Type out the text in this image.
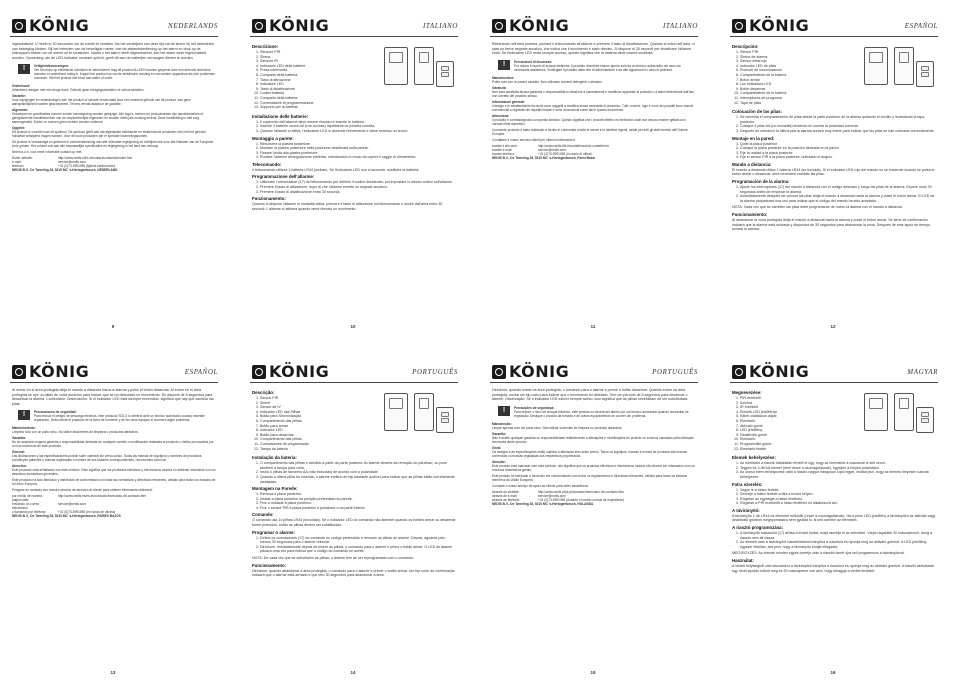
KÖNIG	NEDERLANDS

ingeschakeld. U heeft nu 30 seconden om de ruimte te verlaten. Na het verstrijken van deze tijd zal de sirene bij het detecteren van beweging klinken. Bij het betreden van de beveiligde ruimte, met de afstandsbediening op het alarm en druk op de uitknoppen beiden om de sirene uit te schakelen. Nadat u het alarm heeft uitgeschakeld, kan het alarm weer ingeschakeld worden. Opmerking: als de LED-indicator constant oplicht, geeft dit aan de batterijen vervangen dienen te worden.

!
Veiligheidsvoorzorgen:
Om het risico op elektrische schokken te verminderen mag dit product ALLEEN worden geopend door een erkende technicus wanneer er onderhoud nodig is. Koppel het product los van de elektrische voeding en van andere apparatuur als zich problemen voordoen. Stel het product niet bloot aan water of vocht.
Onderhoud:

Uitsluitend reinigen met een droge doek. Gebruik geen reinigingsmiddelen of schuurmiddelen.

Garantie:

Voor wijzigingen en veranderingen aan het product of schade veroorzaakt door een verkeerd gebruik van dit product, kan geen aansprakelijkheid worden geaccepteerd. Tevens vervalt daardoor de garantie.

Algemeen:

Ontwerpen en specificaties kunnen zonder kennisgeving worden gewijzigd. Alle logo's, merken en productnamen zijn handelsmerken of geregistreerde handelsmerken van de respectievelijke eigenaren en worden hierbij als zodanig erkend. Deze handleiding is met zorg samengesteld. Echter, er kunnen geen rechten worden ontleend.

Opgelet:

Dit product is voorzien van dit symbool. Dit symbool geeft aan dat afgedankte elektrische en elektronische producten niet met het gewone huisafval verwijderd mogen worden. Voor dit soort producten zijn er speciale inzamelingspunten.

Dit product is vervaardigd en geleverd in overeenstemming met alle relevante regelgeving en richtlijnen die voor alle lidstaten van de Europese Unie gelden. Het voldoet ook aan alle toepasselijke specificaties en regelgeving in het land van verkoop.

Neem a.u.b. voor meer informatie contact op met:

Dutch website:	http://www.nedis.nl/nl-nl/contact/contactformulier.htm
e-mail:	service@nedis.com
telefoon:	+31 (0)73-5991055 (tijdens kantooruren)
NEDIS B.V., De Tweeling 28, 5215 MC 's-Hertogenbosch, NEDERLAND
9
KÖNIG	ITALIANO
Descrizione:
1. Sensore PIR
2. Sirena
3. Sensore IR
4. Indicatore LED delle batterie
5. Presa intermedia
6. Comparto della batteria
7. Tasto di attivazione
8. Indicatore LED
9. Tasto di disattivazione
10. Codice batteria
11. Comparto della batteria
12. Commutatore di programmazione
13. Supporto per la batteria
Installazione delle batterie:
1. Il coperchio dell'allarme deve essere rimosso e inserite le batterie.
2. Inserire 4 batterie nuove AA (non incluse) rispettando la polarità corretta.
3. Quando l'allarme si attiva, l'indicatore LED si accende brevemente e viene emesso un suono.
Montaggio a parete:
1. Rimuovere la piastra posteriore.
2. Montare la piastra posteriore nella posizione desiderata sulla parete.
3. Fissare l'unità alla piastra posteriore.
4. Ruotare l'allarme all'angolazione preferita, orientandolo in modo da coprire il raggio di rilevamento.
Telecomando:

Il telecomando utilizza 1 batteria LR44 (incluse). Se l'indicatore LED non si accende, sostituire la batteria.

Programmazione dell'allarme:
1. Utilizzare i commutatori (17) del telecomando per definire il codice desiderato; poi impostare lo stesso codice sull'allarme.
2. Premere il tasto di attivazione, dopo di che l'allarme emette un segnale acustico.
3. Premere il tasto di disattivazione entro 30 secondi.
Funzionamento:

Quando si dispone l'allarme in modalità attiva, premere il tasto di attivazione sul telecomando e uscire dall'area entro 30 secondi. L'allarme si attiverà quando verrà rilevato un movimento.

10
KÖNIG	ITALIANO

Rientrando nell'area protetta, puntare il telecomando all'allarme e premere il tasto di disattivazione. Quando si entra nell'area, vi sarà un breve segnale acustico, che indica che il movimento è stato rilevato. Si dispone di 30 secondi per disattivare l'allarme. Nota: Se l'indicatore LED resta sempre acceso, questo significa che la batteria deve essere sostituita.

!
Precauzioni di sicurezza:
Per ridurre il rischio di scosse elettriche, il prodotto dovrebbe essere aperto solo da un tecnico autorizzato nel caso sia necessaria assistenza. Scollegare il prodotto dalla rete di alimentazione e da altri apparecchi in caso di problemi.
Manutenzione:

Pulire solo con un panno asciutto. Non utilizzare solventi detergenti o abrasivi.

Garanzia:

Non sarà accettata alcuna garanzia o responsabilità in relazione a cambiamenti e modifiche apportate al prodotto o a danni determinati dall'uso non corretto del prodotto stesso.

Informazioni generali:

Il design e le caratteristiche tecniche sono soggetti a modifica senza necessità di preavviso. Tutti i marchi, logo e nomi dei prodotti sono marchi commerciali o registrati dei rispettivi titolari e sono riconosciuti come tali in questo documento.

Attenzione:

Il prodotto è contrassegnato con questo simbolo. Questo significa che i prodotti elettrici ed elettronici usati non devono essere gettati con i normali rifiuti domestici.

Il presente prodotto è stato realizzato e fornito in conformità a tutte le norme e le direttive vigenti, valide per tutti gli stati membri dell'Unione Europea.

Contattare il nostro servizio clienti per ulteriori informazioni:

tramite il sito web:	http://www.nedis.it/it-it/contatti/modulo-contatti.htm
tramite e-mail:	service@nedis.com
tramite telefono:	+31 (0)73-5991055 (in orario di ufficio)
NEDIS B.V., De Tweeling 28, 5215 MC 's-Hertogenbosch, Paesi Bassi
11
KÖNIG	ESPAÑOL
Descripción:
1. Sensor PIR
2. Sirena de alarma
3. Sensor infrarrojo
4. Indicador LED de pilas
5. Enchufe de sincronización
6. Compartimiento de la batería
7. Botón armar
8. Luz indicadora LED
9. Botón desarmar
10. Compartimiento de la batería
11. Interruptores de programa
12. Tapa de pilas
Colocación de las pilas:
1. Se necesita el compartimiento de pilas desde la parte posterior de la alarma quitando el tornillo y levantando la tapa posterior.
2. Coloque 4 pilas AA (no incluidas) teniendo en cuenta la polaridad correcta.
3. Después de introducir la última pila la alarma sonará muy fuerte para indicar que las pilas se han colocado correctamente.
Montaje en la pared:
1. Quite la placa posterior.
2. Coloque la placa posterior en la posición deseada en la pared.
3. Fije la unidad a la placa posterior.
4. Fije el sensor PIR a la placa posterior, orientado el ángulo.
Mando a distancia:

El mando a distancia utiliza 1 batería LR44 (se incluida). Si el indicador LED rojo del mando no se enciende cuando se pulsa el botón armar o desarmar, será necesario cambiar las pilas.

Programación de la alarma:
1. Ajuste los interruptores (17) del mando a distancia con el código deseado y luego las pilas de la alarma. Espere unos 30 segundos antes de empezar la alarma.
2. Inmediatamente después de colocar las pilas dirija el mando a distancia hacia la alarma y pulse el botón armar. El LED de la alarma parpadeará una vez para indicar que el código del mando ha sido aceptado.

NOTA: Cada vez que se cambien las pilas debe programarse de nuevo la alarma con el mando a distancia.

Funcionamiento:

Al abandonar la zona protegida dirija el mando a distancia hacia la alarma y pulse el botón armar. Se tiene de confirmación indicará que la alarma está activada y dispondrá de 30 segundos para abandonar la zona. Después de este lapso de tiempo sonará la alarma.

12
KÖNIG	ESPAÑOL

Al entrar en el área protegida dirija el mando a distancia hacia la alarma y pulse el botón desarmar. Al entrar en el área protegida se oye un pitido de corta duración para indicar que se ha detectado un movimiento. Se dispone de 8 segundos para desactivar la alarma. Comentario: Observación: Si el indicador LED está siempre encendido, significa que hay que cambiar las pilas.

!
Precauciones de seguridad:
Para reducir el peligro de descarga eléctrica, este producto SÓLO lo debería abrir un técnico autorizado cuando necesite reparación. Desconecte el producto de la toma de corriente y de los otros equipos si ocurriera algún problema.
Mantenimiento:

Límpielo sólo con un paño seco. No utilice disolventes de limpieza o productos abrasivos.

Garantía:

No se aceptará ninguna garantía o responsabilidad derivada de cualquier cambio o modificación realizada al producto o daños provocados por un uso incorrecto de este producto.

General:

Las ilustraciones y las especificaciones podrán sufrir cambios sin previo aviso. Todas las marcas de logotipos y nombres de productos constituyen patentes o marcas registradas a nombre de sus titulares correspondientes, reconocidos como tal.

Atención:

Este producto está señalizado con este símbolo. Esto significa que los productos eléctricos y electrónicos usados no deberán mezclarse con los desechos domésticos generales.

Este producto ha sido fabricado y distribuido de conformidad con todas las normativas y directivas relevantes, válidas para todos los estados de la Unión Europea.

Póngase en contacto con nuestro servicio de atención al cliente para obtener información adicional:

por medio de nuestra página web:
http://www.nedis.es/es-es/contacto/formulario-de-contacto.htm
enviando un correo electrónico:
service@nedis.com
o llamando por teléfono:	+31 (0)73-5991055 (en horas de oficina)
NEDIS B.V., De Tweeling 28, 5215 MC 's-Hertogenbosch, PAÍSES BAJOS
13
KÖNIG	PORTUGUÊS
Descrição:
1. Sensor PIR
2. Sirene
3. Sensor de IV
4. Indicador LED das Pilhas
5. Botão para Sincronização
6. Compartimento das pilhas
7. Botão para armar
8. Indicador LED
9. Botão para desarmar
10. Compartimento das pilhas
11. Comutadores de programação
12. Tampa da bateria
Instalação da bateria:
1. O compartimento das pilhas é acedido a partir da parte posterior do alarme através da remoção do parafuso, ou puxe também a tampa para cima.
2. Insira 4 pilhas de tamanho AA (não incluídas) de acordo com a polaridade.
3. Quando a última pilha for inserida, o alarme emitirá um bip bastante audível para indicar que as pilhas estão corretamente instaladas.
Montagem na Parede:
1. Remova a placa posterior.
2. Instale a placa posterior na posição pretendida na parede.
3. Fixe a unidade à placa posterior.
4. Fixe o sensor PIR à placa posterior e posicione-o na parte inferior.
Comando:

O comando usa 1x pilhas LR44 (incluídas). Se o indicador LED do comando não acender quando os botões armar ou desarmar forem premidos, então as pilhas devem ser substituídas.

Programar o alarme:
1. Defina os comutadores (17) do comando no código pretendido e remover as pilhas do alarme. Depois, aguarde pelo menos 30 segundos para o alarme reiniciar.
2. Direcione, imediatamente depois de inserir as pilhas, o comando para o alarme e prima o botão armar. O LED do alarme piscará uma vez para indicar que o código do comando foi aceite.

NOTA: De cada vez que se substituem as pilhas, o alarme tem de ser reprogramado com o comando.

Funcionamento:

Direcione, quando abandonar a área protegida, o comando para o alarme e premir o botão armar. Um bip curto de confirmação indicará que o alarme está armado e que tem 30 segundos para abandonar a área.

14
KÖNIG	PORTUGUÊS

Direcione, quando entrar na área protegida, o comando para o alarme e premir o botão desarmar. Quando entrar na área protegida, ouvirá um bip curto para indicar que o movimento foi detetado. Tem um período de 8 segundos para desarmar o alarme. Observação: Se o indicador LED estiver sempre aceso, isso significa que as pilhas necessitam de ser substituídas.

!
Precauções de segurança:
Para reduzir o risco de choque eléctrico, este produto só deverá ser aberto por um técnico autorizado quando necessitar de reparação. Desligue o produto da tomada e de outros equipamentos se ocorrer um problema.
Manutenção:

Limpar apenas com um pano seco. Não utilizar solventes de limpeza ou produtos abrasivos.

Garantia:

Não é aceite qualquer garantia ou responsabilidade relativamente a alterações e modificações do produto ou a danos causados pela utilização incorrecta deste produto.

Geral:

Os designs e as especificações estão sujeitos a alteração sem aviso prévio. Todos os logótipos, marcas e nomes de produtos são marcas comerciais ou marcas registadas dos respectivos proprietários.

Atenção:

Este produto está marcado com este símbolo. Isto significa que os produtos eléctricos e electrónicos usados não devem ser misturados com os resíduos domésticos gerais.

Este produto foi fabricado e fornecido em conformidade com todos os regulamentos e directivas relevantes, válidos para todos os estados membros da União Europeia.

Contacte o nosso serviço de apoio ao cliente para obter assistência:

através do website:	http://www.nedis.pt/pt-pt/contacto/formulario-de-contacto.htm
através de e-mail:	service@nedis.com
através de telefone:	+31 (0)73-5991055 (durante o horário normal de expediente)
NEDIS B.V., De Tweeling 28, 5215 MC 's-Hertogenbosch, HOLANDA
15
KÖNIG	MAGYAR
Megnevezése:
1. PIR-érzékelő
2. Sziréna
3. IR érzékelő
4. Elemek LED jelzőfénye
5. Kábel csatlakozó aljzat
6. Elemtartó
7. Aktiváló gomb
8. LED jelzőfény
9. Deaktiváló gomb
10. Elemtartó
11. Programváltó gomb
12. Elemtartó fedele
Elemek behelyezése:
1. Az elemtartó a riasztó hátoldalán érhető el úgy, hogy az elemtartót a csavarnál le kell venni.
2. Tegyen be 4 db AA elemet (nem része a csomagolásnak), ügyeljen a helyes polaritásra.
3. Az utolsó elem behelyezése után a riasztó nagyot hangosan sípol egyet, miáltal jelzi, hogy az elemek helyesen vannak behelyezve.
Falra szerelés:
1. Vegye le a hátsó fedelet.
2. Szerelje a hátsó fedelet a fala a kívánt helyen.
3. Rögzítse az egységet a hátsó fedélhez.
4. Rögzítse a PIR érzékelőt a hátsó fedélhez és alkalmazza azt.
A távirányító:

A távirányító 1 db LR44-es elemmel működik (része a csomagolásnak). Ha a piros LED-jelzőfény a távirányítón az aktiváló vagy deaktiváló gombok megnyomására nem gyullad ki, ki kell cserélni az elemeket.

A riasztó programozása:
1. A távirányító kapcsolóit (17) állítsa a kívánt kódra, majd cserélje ki az elemeket. Várjon legalább 30 másodpercet, amíg a riasztó nem áll vissza.
2. Az elemek után a távirányítót haladéktalanul irányítsa a riasztóra és nyomja meg az aktiváló gombot. A LED jelzőfény egyszer felvillan, ami jelzi, hogy a távirányító kódját elfogadta.

MEGJEGYZÉS: Az elemek minden egyes cseréje után a riasztót ismét újra kell programozni a távirányítóval.

Használat:

A védett helyiségből való távozáskor a távirányítót irányítsa a riasztóra és nyomja meg az aktiváló gombot. A riasztó aktiválását egy rövid sípolás erősíti meg és 30 másodperce van arra, hogy elhagyja a védett területet.

16
